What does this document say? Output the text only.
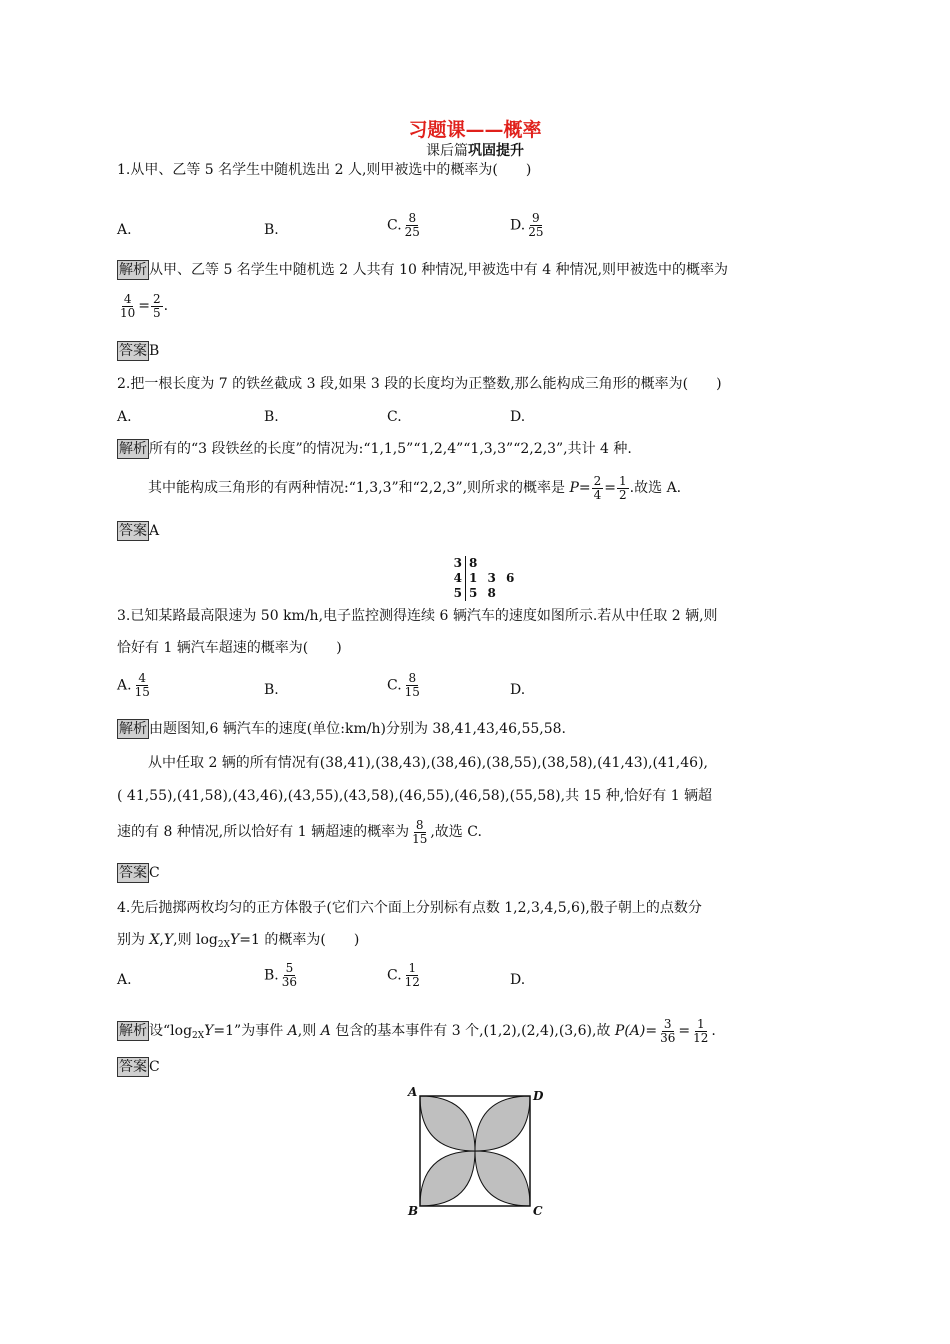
习题课——概率
课后篇巩固提升
1.从甲、乙等 5 名学生中随机选出 2 人,则甲被选中的概率为(　　)
A.	B.	C. $\frac{8}{25}$	D. $\frac{9}{25}$
解析 从甲、乙等 5 名学生中随机选 2 人共有 10 种情况,甲被选中有 4 种情况,则甲被选中的概率为
$\frac{4}{10} = \frac{2}{5}$ .
答案 B
2.把一根长度为 7 的铁丝截成 3 段,如果 3 段的长度均为正整数,那么能构成三角形的概率为(　　)
A.	B.	C.	D.
解析 所有的“3 段铁丝的长度”的情况为:“1,1,5”“1,2,4”“1,3,3”“2,2,3”,共计 4 种.
其中能构成三角形的有两种情况:“1,3,3”和“2,2,3”,则所求的概率是 $P= \frac{2}{4} = \frac{1}{2}$ .故选 A.
答案 A
3 8
4 1 3 6
5 5 8
3.已知某路最高限速为 50 km/h,电子监控测得连续 6 辆汽车的速度如图所示.若从中任取 2 辆,则
恰好有 1 辆汽车超速的概率为(　　)
A. $\frac{4}{15}$	B.	C. $\frac{8}{15}$	D.
解析 由题图知,6 辆汽车的速度(单位:km/h)分别为 38,41,43,46,55,58.
从中任取 2 辆的所有情况有(38,41),(38,43),(38,46),(38,55),(38,58),(41,43),(41,46),
( 41,55),(41,58),(43,46),(43,55),(43,58),(46,55),(46,58),(55,58),共 15 种,恰好有 1 辆超
速的有 8 种情况,所以恰好有 1 辆超速的概率为 $\frac{8}{15}$ ,故选 C.
答案 C
4.先后抛掷两枚均匀的正方体骰子(它们六个面上分别标有点数 1,2,3,4,5,6),骰子朝上的点数分
别为 X,Y,则 $\log_{2X}Y=1$ 的概率为(　　)
A.	B. $\frac{5}{36}$	C. $\frac{1}{12}$	D.
解析 设“$\log_{2X}Y=1$”为事件 A,则 A 包含的基本事件有 3 个,(1,2),(2,4),(3,6),故 $P(A)= \frac{3}{36} = \frac{1}{12}$ .
答案 C
A	D
B	C
